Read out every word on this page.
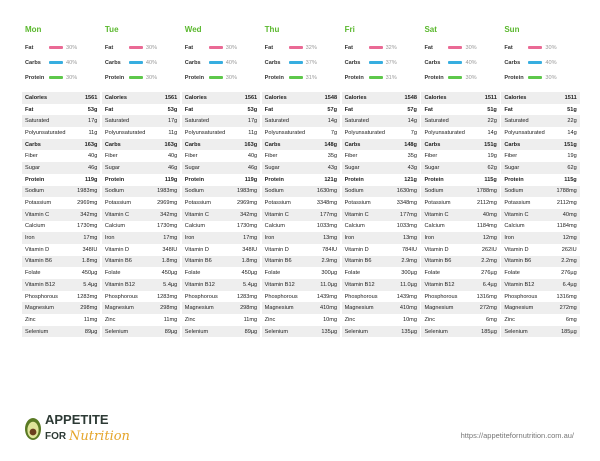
Mon
Fat	30%
Carbs	40%
Protein	30%
Calories	1561
Fat	53g
Saturated	17g
Polyunsaturated	11g
Carbs	163g
Fiber	40g
Sugar	46g
Protein	119g
Sodium	1983mg
Potassium	2969mg
Vitamin C	342mg
Calcium	1730mg
Iron	17mg
Vitamin D	348IU
Vitamin B6	1.8mg
Folate	450µg
Vitamin B12	5.4µg
Phosphorous	1283mg
Magnesium	298mg
Zinc	11mg
Selenium	89µg
Tue
Fat	30%
Carbs	40%
Protein	30%
Calories	1561
Fat	53g
Saturated	17g
Polyunsaturated	11g
Carbs	163g
Fiber	40g
Sugar	46g
Protein	119g
Sodium	1983mg
Potassium	2969mg
Vitamin C	342mg
Calcium	1730mg
Iron	17mg
Vitamin D	348IU
Vitamin B6	1.8mg
Folate	450µg
Vitamin B12	5.4µg
Phosphorous	1283mg
Magnesium	298mg
Zinc	11mg
Selenium	89µg
Wed
Fat	30%
Carbs	40%
Protein	30%
Calories	1561
Fat	53g
Saturated	17g
Polyunsaturated	11g
Carbs	163g
Fiber	40g
Sugar	46g
Protein	119g
Sodium	1983mg
Potassium	2969mg
Vitamin C	342mg
Calcium	1730mg
Iron	17mg
Vitamin D	348IU
Vitamin B6	1.8mg
Folate	450µg
Vitamin B12	5.4µg
Phosphorous	1283mg
Magnesium	298mg
Zinc	11mg
Selenium	89µg
Thu
Fat	32%
Carbs	37%
Protein	31%
Calories	1548
Fat	57g
Saturated	14g
Polyunsaturated	7g
Carbs	148g
Fiber	35g
Sugar	43g
Protein	121g
Sodium	1630mg
Potassium	3348mg
Vitamin C	177mg
Calcium	1033mg
Iron	13mg
Vitamin D	784IU
Vitamin B6	2.9mg
Folate	300µg
Vitamin B12	11.0µg
Phosphorous	1439mg
Magnesium	410mg
Zinc	10mg
Selenium	135µg
Fri
Fat	32%
Carbs	37%
Protein	31%
Calories	1548
Fat	57g
Saturated	14g
Polyunsaturated	7g
Carbs	148g
Fiber	35g
Sugar	43g
Protein	121g
Sodium	1630mg
Potassium	3348mg
Vitamin C	177mg
Calcium	1033mg
Iron	13mg
Vitamin D	784IU
Vitamin B6	2.9mg
Folate	300µg
Vitamin B12	11.0µg
Phosphorous	1439mg
Magnesium	410mg
Zinc	10mg
Selenium	135µg
Sat
Fat	30%
Carbs	40%
Protein	30%
Calories	1511
Fat	51g
Saturated	22g
Polyunsaturated	14g
Carbs	151g
Fiber	19g
Sugar	62g
Protein	115g
Sodium	1788mg
Potassium	2112mg
Vitamin C	40mg
Calcium	1184mg
Iron	12mg
Vitamin D	262IU
Vitamin B6	2.2mg
Folate	276µg
Vitamin B12	6.4µg
Phosphorous	1316mg
Magnesium	272mg
Zinc	6mg
Selenium	185µg
Sun
Fat	30%
Carbs	40%
Protein	30%
Calories	1511
Fat	51g
Saturated	22g
Polyunsaturated	14g
Carbs	151g
Fiber	19g
Sugar	62g
Protein	115g
Sodium	1788mg
Potassium	2112mg
Vitamin C	40mg
Calcium	1184mg
Iron	12mg
Vitamin D	262IU
Vitamin B6	2.2mg
Folate	276µg
Vitamin B12	6.4µg
Phosphorous	1316mg
Magnesium	272mg
Zinc	6mg
Selenium	185µg
APPETITE
FOR Nutrition	https://appetitefornutrition.com.au/
